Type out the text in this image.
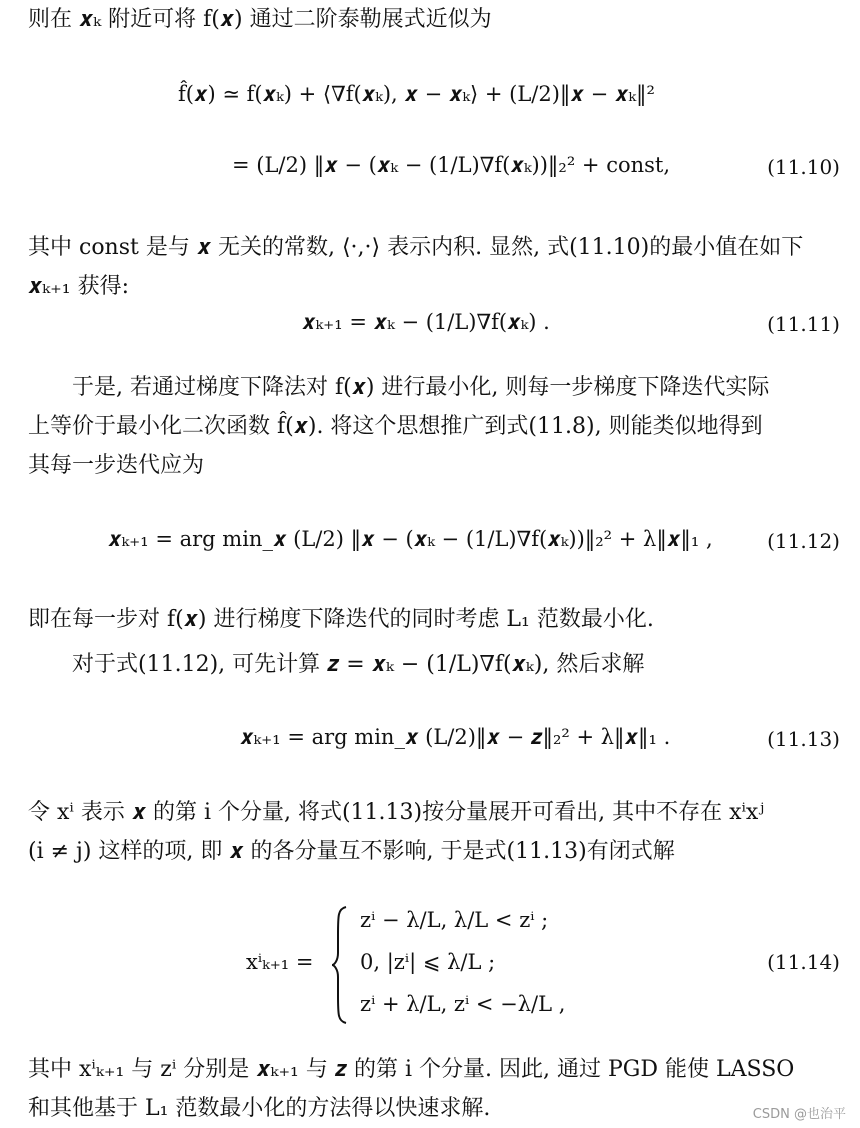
则在 𝒙ₖ 附近可将 f(𝒙) 通过二阶泰勒展式近似为
f̂(𝒙) ≃ f(𝒙ₖ) + ⟨∇f(𝒙ₖ), 𝒙 − 𝒙ₖ⟩ + (L/2)‖𝒙 − 𝒙ₖ‖²
= (L/2) ‖𝒙 − (𝒙ₖ − (1/L)∇f(𝒙ₖ))‖₂² + const,	(11.10)
其中 const 是与 𝒙 无关的常数, ⟨·,·⟩ 表示内积. 显然, 式(11.10)的最小值在如下
𝒙ₖ₊₁ 获得:
𝒙ₖ₊₁ = 𝒙ₖ − (1/L)∇f(𝒙ₖ) .	(11.11)
于是, 若通过梯度下降法对 f(𝒙) 进行最小化, 则每一步梯度下降迭代实际
上等价于最小化二次函数 f̂(𝒙). 将这个思想推广到式(11.8), 则能类似地得到
其每一步迭代应为
𝒙ₖ₊₁ = arg min_𝒙 (L/2) ‖𝒙 − (𝒙ₖ − (1/L)∇f(𝒙ₖ))‖₂² + λ‖𝒙‖₁ ,	(11.12)
即在每一步对 f(𝒙) 进行梯度下降迭代的同时考虑 L₁ 范数最小化.
对于式(11.12), 可先计算 𝒛 = 𝒙ₖ − (1/L)∇f(𝒙ₖ), 然后求解
𝒙ₖ₊₁ = arg min_𝒙 (L/2)‖𝒙 − 𝒛‖₂² + λ‖𝒙‖₁ .	(11.13)
令 xⁱ 表示 𝒙 的第 i 个分量, 将式(11.13)按分量展开可看出, 其中不存在 xⁱxʲ
(i ≠ j) 这样的项, 即 𝒙 的各分量互不影响, 于是式(11.13)有闭式解
xⁱₖ₊₁ =
zⁱ − λ/L, λ/L < zⁱ ;
0, |zⁱ| ⩽ λ/L ;
zⁱ + λ/L, zⁱ < −λ/L ,
(11.14)
其中 xⁱₖ₊₁ 与 zⁱ 分别是 𝒙ₖ₊₁ 与 𝒛 的第 i 个分量. 因此, 通过 PGD 能使 LASSO
和其他基于 L₁ 范数最小化的方法得以快速求解.	CSDN @也治平
